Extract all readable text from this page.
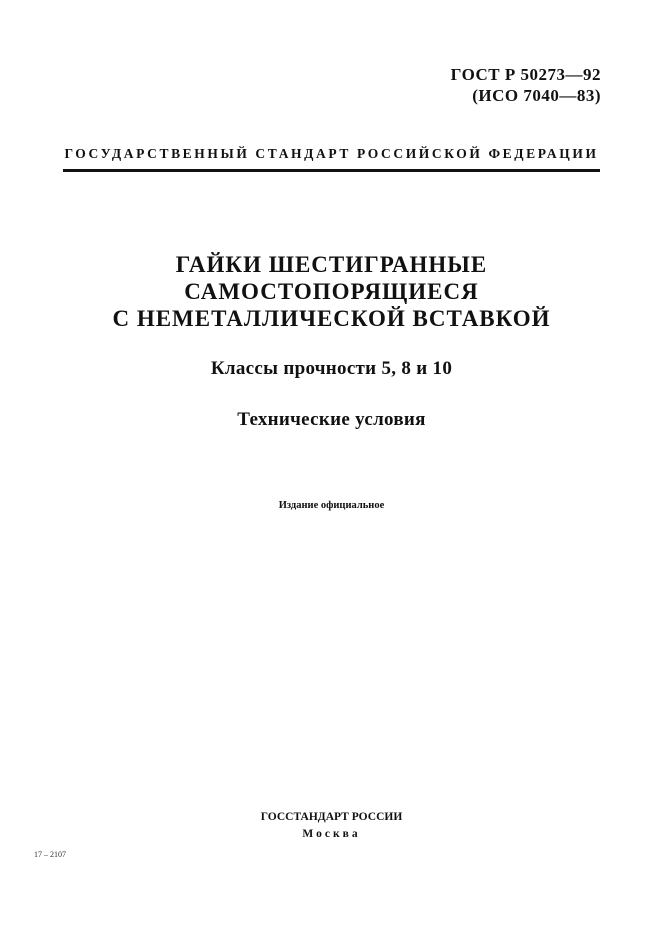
ГОСТ Р 50273—92
(ИСО 7040—83)
ГОСУДАРСТВЕННЫЙ СТАНДАРТ РОССИЙСКОЙ ФЕДЕРАЦИИ
ГАЙКИ ШЕСТИГРАННЫЕ
САМОСТОПОРЯЩИЕСЯ
С НЕМЕТАЛЛИЧЕСКОЙ ВСТАВКОЙ
Классы прочности 5, 8 и 10
Технические условия
Издание официальное
ГОССТАНДАРТ РОССИИ
Москва
17 – 2107
